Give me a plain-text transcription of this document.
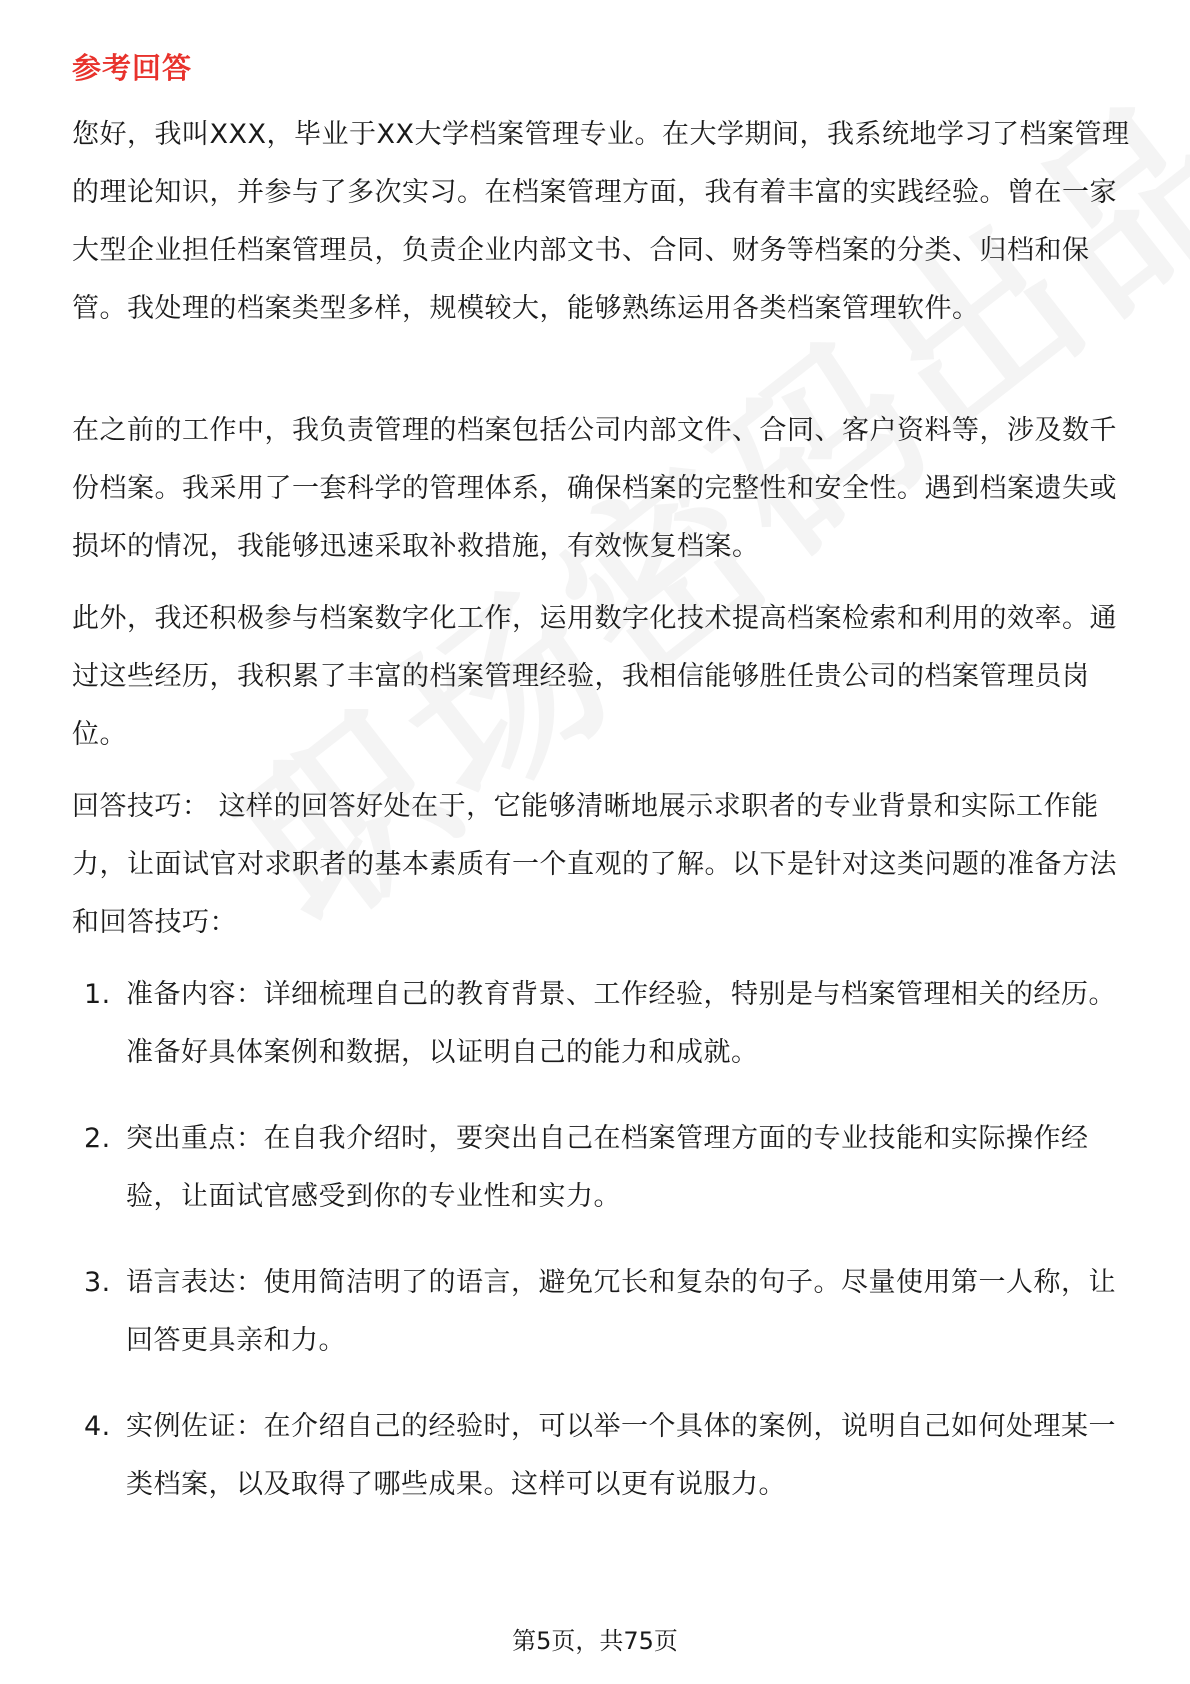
参考回答

您好，我叫XXX，毕业于XX大学档案管理专业。在大学期间，我系统地学习了档案管理的理论知识，并参与了多次实习。在档案管理方面，我有着丰富的实践经验。曾在一家大型企业担任档案管理员，负责企业内部文书、合同、财务等档案的分类、归档和保管。我处理的档案类型多样，规模较大，能够熟练运用各类档案管理软件。

在之前的工作中，我负责管理的档案包括公司内部文件、合同、客户资料等，涉及数千份档案。我采用了一套科学的管理体系，确保档案的完整性和安全性。遇到档案遗失或损坏的情况，我能够迅速采取补救措施，有效恢复档案。

此外，我还积极参与档案数字化工作，运用数字化技术提高档案检索和利用的效率。通过这些经历，我积累了丰富的档案管理经验，我相信能够胜任贵公司的档案管理员岗位。

回答技巧： 这样的回答好处在于，它能够清晰地展示求职者的专业背景和实际工作能力，让面试官对求职者的基本素质有一个直观的了解。以下是针对这类问题的准备方法和回答技巧：

1. 准备内容：详细梳理自己的教育背景、工作经验，特别是与档案管理相关的经历。准备好具体案例和数据，以证明自己的能力和成就。
2. 突出重点：在自我介绍时，要突出自己在档案管理方面的专业技能和实际操作经验，让面试官感受到你的专业性和实力。
3. 语言表达：使用简洁明了的语言，避免冗长和复杂的句子。尽量使用第一人称，让回答更具亲和力。
4. 实例佐证：在介绍自己的经验时，可以举一个具体的案例，说明自己如何处理某一类档案，以及取得了哪些成果。这样可以更有说服力。
第5页，共75页
